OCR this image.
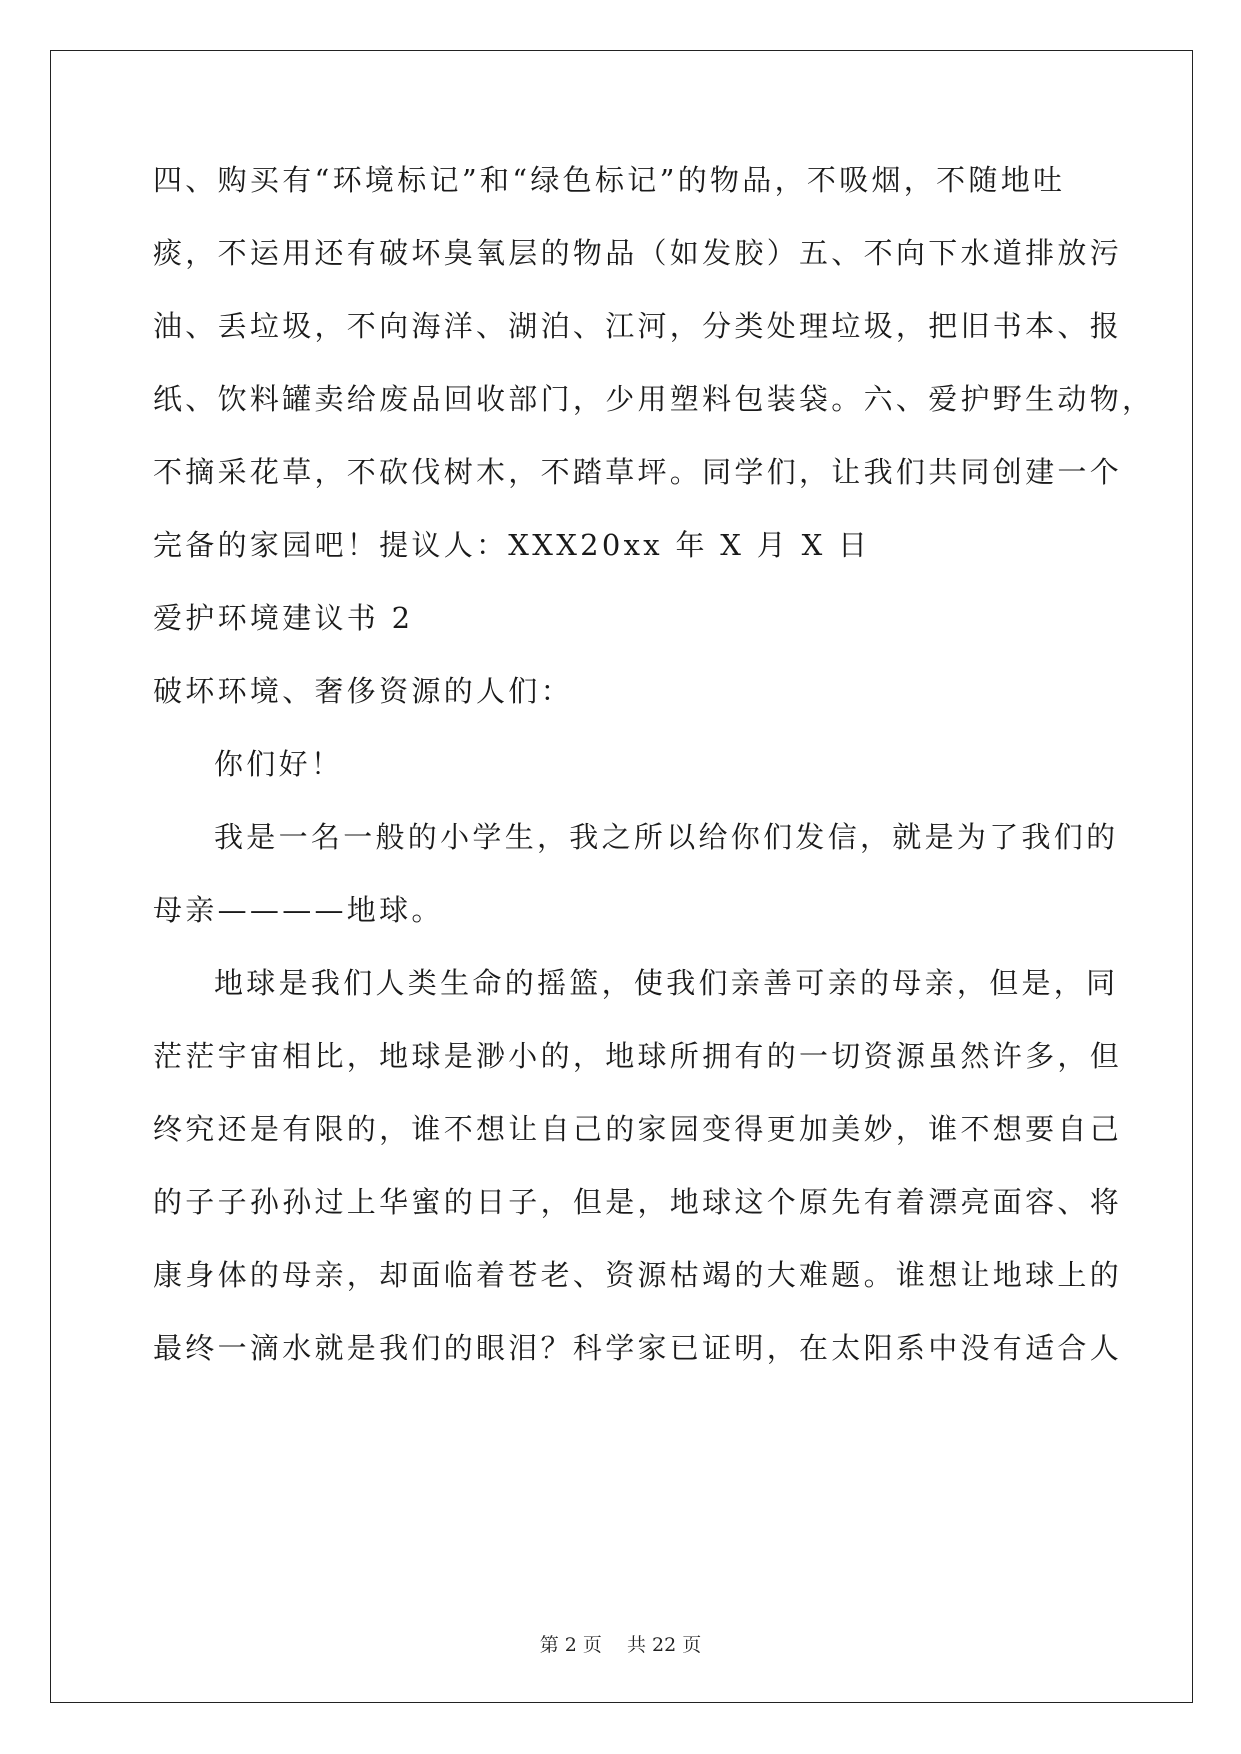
四、购买有“环境标记”和“绿色标记”的物品，不吸烟，不随地吐
痰，不运用还有破坏臭氧层的物品（如发胶）五、不向下水道排放污
油、丢垃圾，不向海洋、湖泊、江河，分类处理垃圾，把旧书本、报
纸、饮料罐卖给废品回收部门，少用塑料包装袋。六、爱护野生动物，
不摘采花草，不砍伐树木，不踏草坪。同学们，让我们共同创建一个
完备的家园吧！提议人：XXX20xx 年 X 月 X 日
爱护环境建议书 2
破坏环境、奢侈资源的人们：
你们好！
我是一名一般的小学生，我之所以给你们发信，就是为了我们的
母亲————地球。
地球是我们人类生命的摇篮，使我们亲善可亲的母亲，但是，同
茫茫宇宙相比，地球是渺小的，地球所拥有的一切资源虽然许多，但
终究还是有限的，谁不想让自己的家园变得更加美妙，谁不想要自己
的子子孙孙过上华蜜的日子，但是，地球这个原先有着漂亮面容、将
康身体的母亲，却面临着苍老、资源枯竭的大难题。谁想让地球上的
最终一滴水就是我们的眼泪？科学家已证明，在太阳系中没有适合人
第 2 页　 共 22 页
